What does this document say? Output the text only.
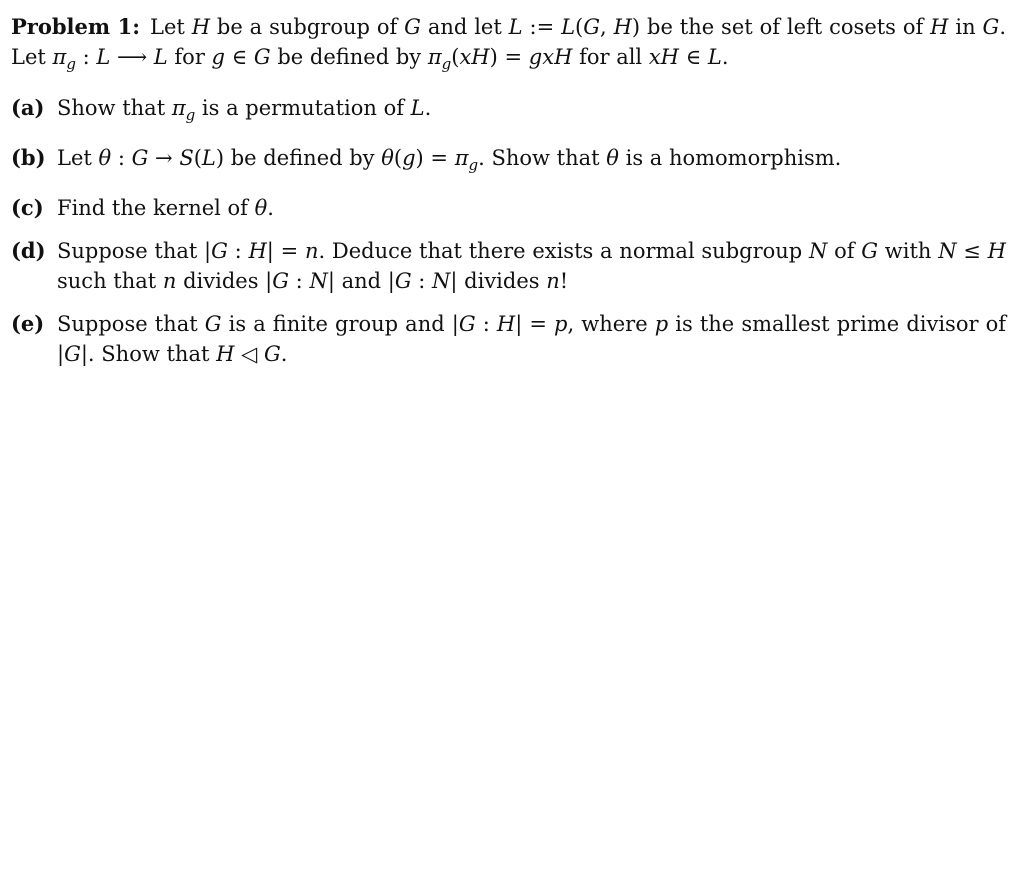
Problem 1: Let H be a subgroup of G and let L := L(G, H) be the set of left cosets of H in G. Let $\pi_g$ : L ⟶ L for g ∈ G be defined by $\pi_g(xH)$ = gxH for all xH ∈ L.

(a) Show that $\pi_g$ is a permutation of L.
(b) Let θ : G → S(L) be defined by $\theta(g) = \pi_g$. Show that θ is a homomorphism.
(c) Find the kernel of θ.
(d) Suppose that |G : H| = n. Deduce that there exists a normal subgroup N of G with N ≤ H such that n divides |G : N| and |G : N| divides n!
(e) Suppose that G is a finite group and |G : H| = p, where p is the smallest prime divisor of |G|. Show that H ◁ G.
